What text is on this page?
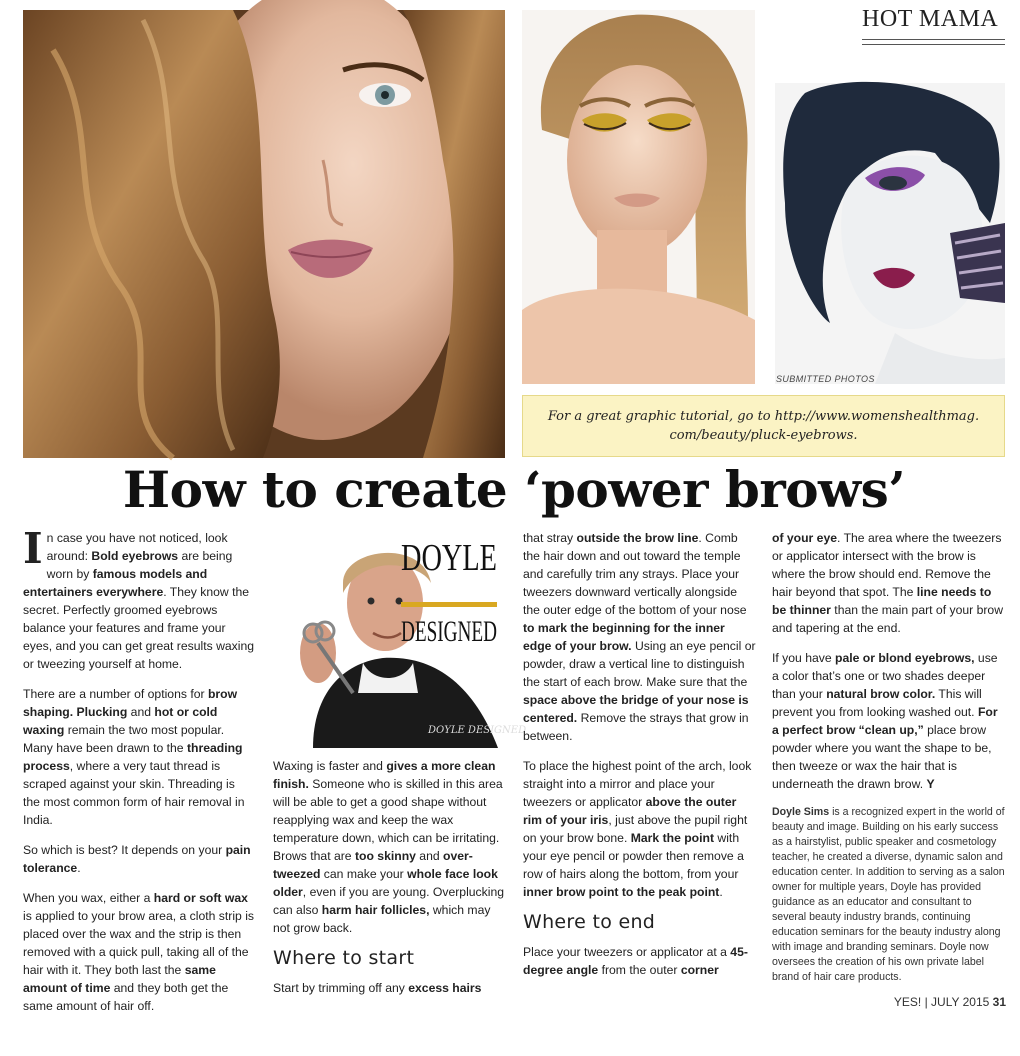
HOT MAMA
SUBMITTED PHOTOS
For a great graphic tutorial, go to http://www.womenshealthmag.
com/beauty/pluck-eyebrows.
How to create ‘power brows’

In case you have not noticed, look around: Bold eyebrows are being worn by famous models and entertainers everywhere. They know the secret. Perfectly groomed eyebrows balance your features and frame your eyes, and you can get great results waxing or tweezing yourself at home.

There are a number of options for brow shaping. Plucking and hot or cold waxing remain the two most popular. Many have been drawn to the threading process, where a very taut thread is scraped against your skin. Threading is the most common form of hair removal in India.

So which is best? It depends on your pain tolerance.

When you wax, either a hard or soft wax is applied to your brow area, a cloth strip is placed over the wax and the strip is then removed with a quick pull, taking all of the hair with it. They both last the same amount of time and they both get the same amount of hair off.

DOYLE DESIGNED
DOYLE
DESIGNED

Waxing is faster and gives a more clean finish. Someone who is skilled in this area will be able to get a good shape without reapplying wax and keep the wax temperature down, which can be irritating. Brows that are too skinny and over-tweezed can make your whole face look older, even if you are young. Overplucking can also harm hair follicles, which may not grow back.

Where to start

Start by trimming off any excess hairs

that stray outside the brow line. Comb the hair down and out toward the temple and carefully trim any strays. Place your tweezers downward vertically alongside the outer edge of the bottom of your nose to mark the beginning for the inner edge of your brow. Using an eye pencil or powder, draw a vertical line to distinguish the start of each brow. Make sure that the space above the bridge of your nose is centered. Remove the strays that grow in between.

To place the highest point of the arch, look straight into a mirror and place your tweezers or applicator above the outer rim of your iris, just above the pupil right on your brow bone. Mark the point with your eye pencil or powder then remove a row of hairs along the bottom, from your inner brow point to the peak point.

Where to end

Place your tweezers or applicator at a 45-degree angle from the outer corner

of your eye. The area where the tweezers or applicator intersect with the brow is where the brow should end. Remove the hair beyond that spot. The line needs to be thinner than the main part of your brow and tapering at the end.

If you have pale or blond eyebrows, use a color that’s one or two shades deeper than your natural brow color. This will prevent you from looking washed out. For a perfect brow “clean up,” place brow powder where you want the shape to be, then tweeze or wax the hair that is underneath the drawn brow. Y

Doyle Sims is a recognized expert in the world of beauty and image. Building on his early success as a hairstylist, public speaker and cosmetology teacher, he created a diverse, dynamic salon and education center. In addition to serving as a salon owner for multiple years, Doyle has provided guidance as an educator and consultant to several beauty industry brands, continuing education seminars for the beauty industry along with image and branding seminars. Doyle now oversees the creation of his own private label brand of hair care products.

YES! | JULY 2015 31
